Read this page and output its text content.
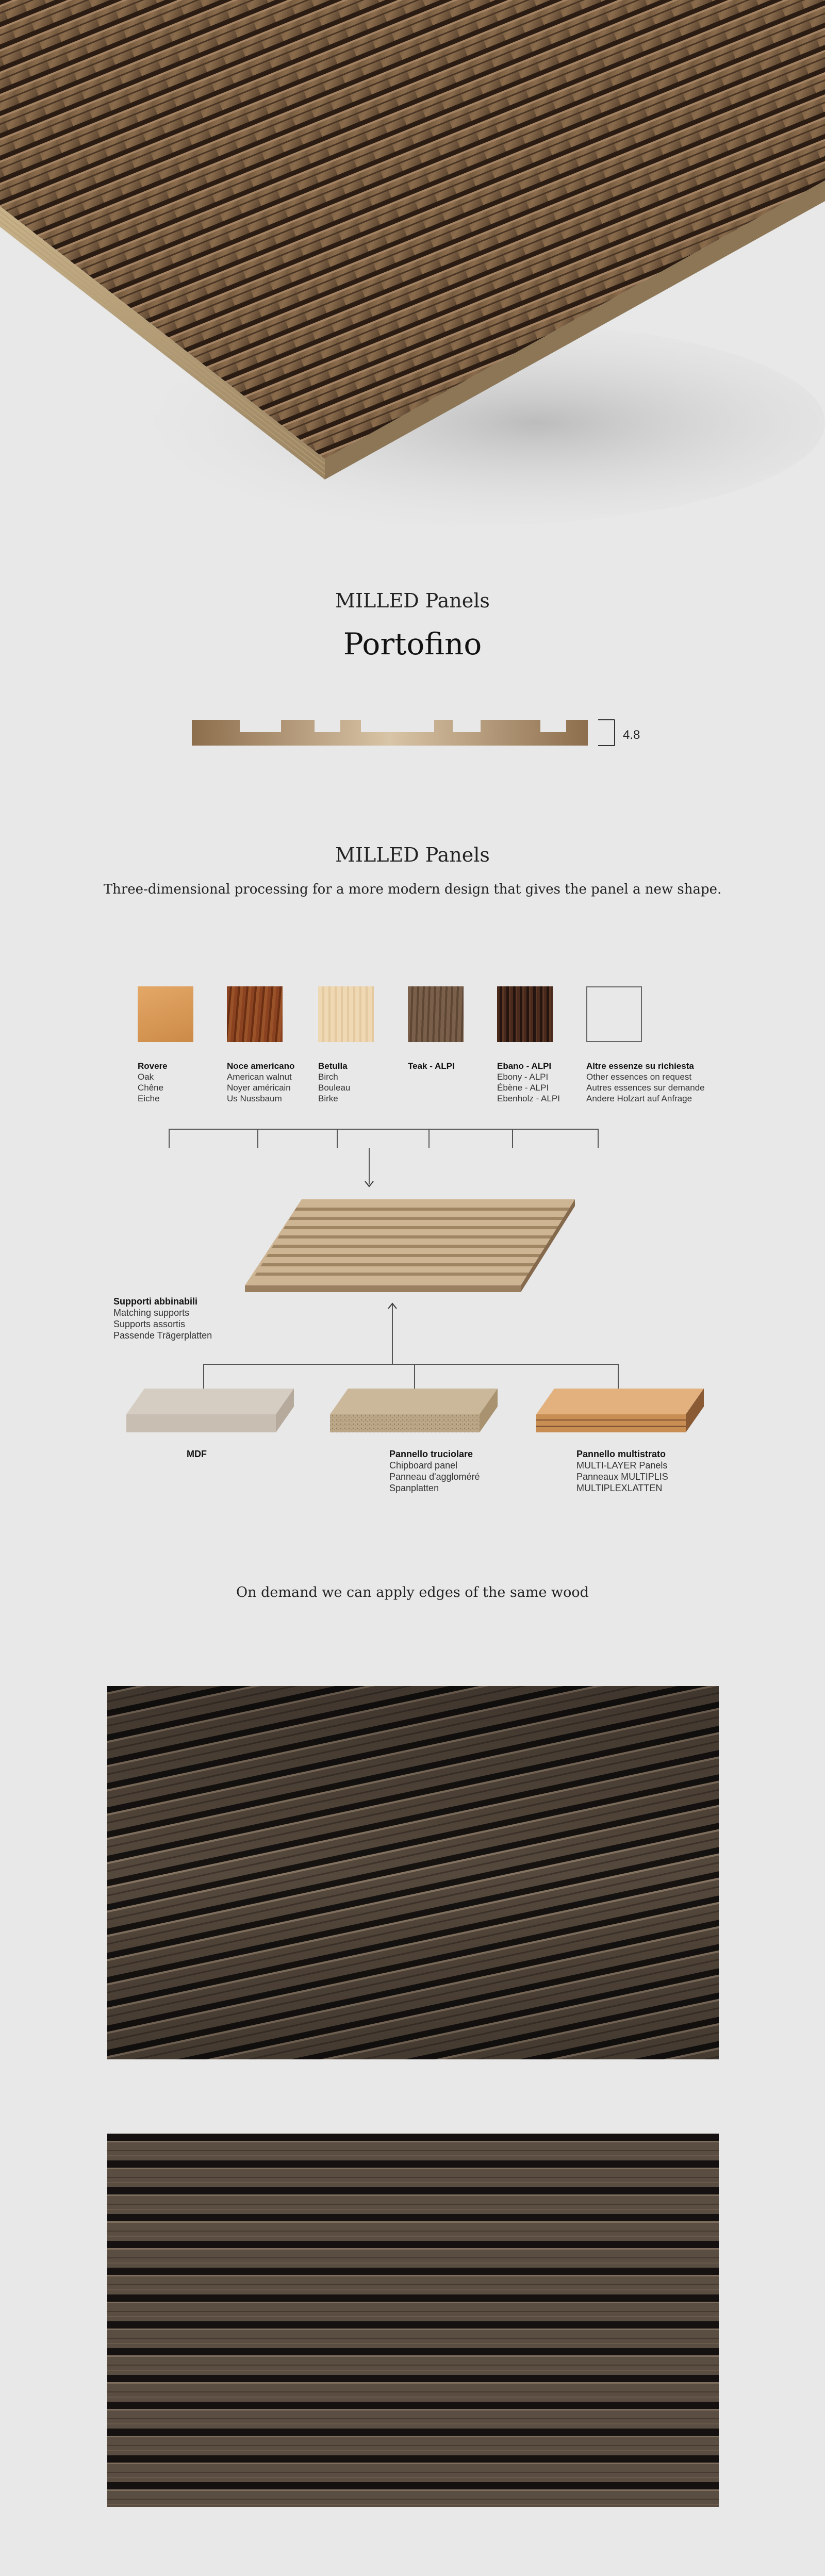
MILLED Panels
Portofino
4.8
MILLED Panels
Three-dimensional processing for a more modern design that gives the panel a new shape.
Rovere
Oak
Chêne
Eiche
Noce americano
American walnut
Noyer américain
Us Nussbaum
Betulla
Birch
Bouleau
Birke
Teak - ALPI	Ebano - ALPI
Ebony - ALPI
Ébène - ALPI
Ebenholz - ALPI
Altre essenze su richiesta
Other essences on request
Autres essences sur demande
Andere Holzart auf Anfrage
Supporti abbinabili
Matching supports
Supports assortis
Passende Trägerplatten
MDF	Pannello truciolare
Chipboard panel
Panneau d'aggloméré
Spanplatten
Pannello multistrato
MULTI-LAYER Panels
Panneaux MULTIPLIS
MULTIPLEXLATTEN
On demand we can apply edges of the same wood
